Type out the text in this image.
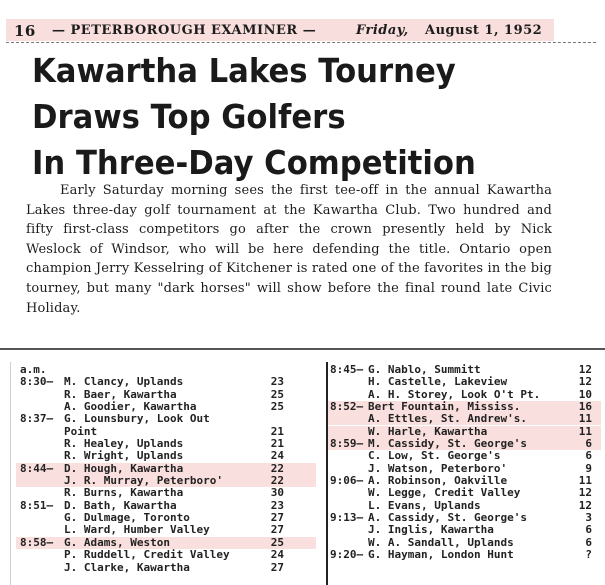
16 — PETERBOROUGH EXAMINER —	Friday, August 1, 1952
Kawartha Lakes Tourney
Draws Top Golfers
In Three-Day Competition

Early Saturday morning sees the first tee-off in the annual Kawartha Lakes three-day golf tournament at the Kawartha Club. Two hundred and fifty first-class competitors go after the crown presently held by Nick Weslock of Windsor, who will be here defending the title. Ontario open champion Jerry Kesselring of Kitchener is rated one of the favorites in the big tourney, but many "dark horses" will show before the final round late Civic Holiday.

a.m.
8:30— M. Clancy, Uplands	23
R. Baer, Kawartha	25
A. Goodier, Kawartha	25
8:37— G. Lounsbury, Look Out
Point	21
R. Healey, Uplands	21
R. Wright, Uplands	24
8:44— D. Hough, Kawartha	22
J. R. Murray, Peterboro'	22
R. Burns, Kawartha	30
8:51— D. Bath, Kawartha	23
G. Dulmage, Toronto	27
L. Ward, Humber Valley	27
8:58— G. Adams, Weston	25
P. Ruddell, Credit Valley	24
J. Clarke, Kawartha	27
8:45— G. Nablo, Summitt	12
H. Castelle, Lakeview	12
A. H. Storey, Look O't Pt.	10
8:52— Bert Fountain, Mississ.	16
A. Ettles, St. Andrew's.	11
W. Harle, Kawartha	11
8:59— M. Cassidy, St. George's	6
C. Low, St. George's	6
J. Watson, Peterboro'	9
9:06— A. Robinson, Oakville	11
W. Legge, Credit Valley	12
L. Evans, Uplands	12
9:13— A. Cassidy, St. George's	3
J. Inglis, Kawartha	6
W. A. Sandall, Uplands	6
9:20— G. Hayman, London Hunt	?
